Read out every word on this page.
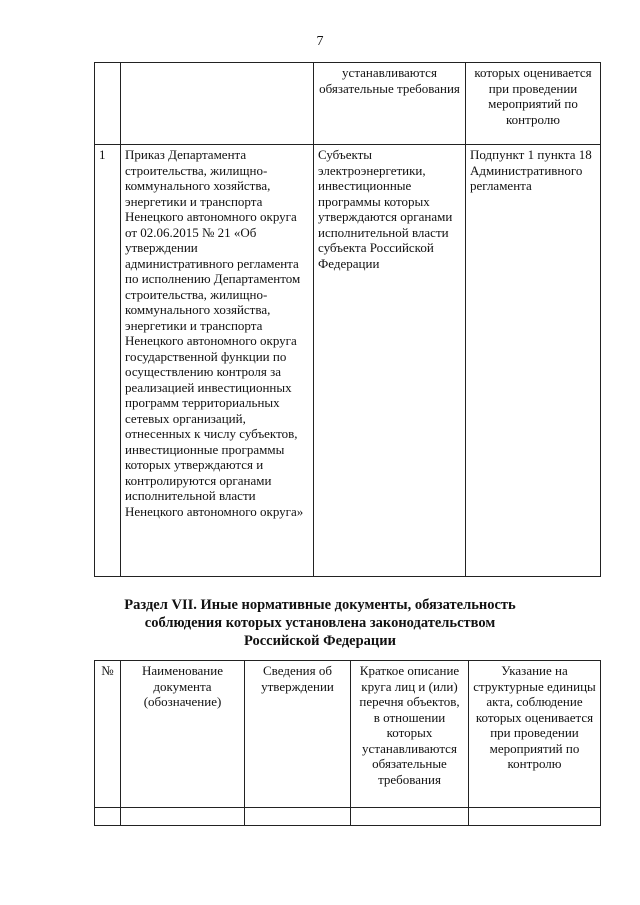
7
		устанавливаются обязательные требования	которых оценивается при проведении мероприятий по контролю
1	Приказ Департамента строительства, жилищно-коммунального хозяйства, энергетики и транспорта Ненецкого автономного округа от 02.06.2015 № 21 «Об утверждении административного регламента по исполнению Департаментом строительства, жилищно-коммунального хозяйства, энергетики и транспорта Ненецкого автономного округа государственной функции по осуществлению контроля за реализацией инвестиционных программ территориальных сетевых организаций, отнесенных к числу субъектов, инвестиционные программы которых утверждаются и контролируются органами исполнительной власти Ненецкого автономного округа»	Субъекты электроэнергетики, инвестиционные программы которых утверждаются органами исполнительной власти субъекта Российской Федерации	Подпункт 1 пункта 18 Административного регламента
Раздел VII. Иные нормативные документы, обязательность
соблюдения которых установлена законодательством
Российской Федерации
№	Наименование документа (обозначение)	Сведения об утверждении	Краткое описание круга лиц и (или) перечня объектов, в отношении которых устанавливаются обязательные требования	Указание на структурные единицы акта, соблюдение которых оценивается при проведении мероприятий по контролю
